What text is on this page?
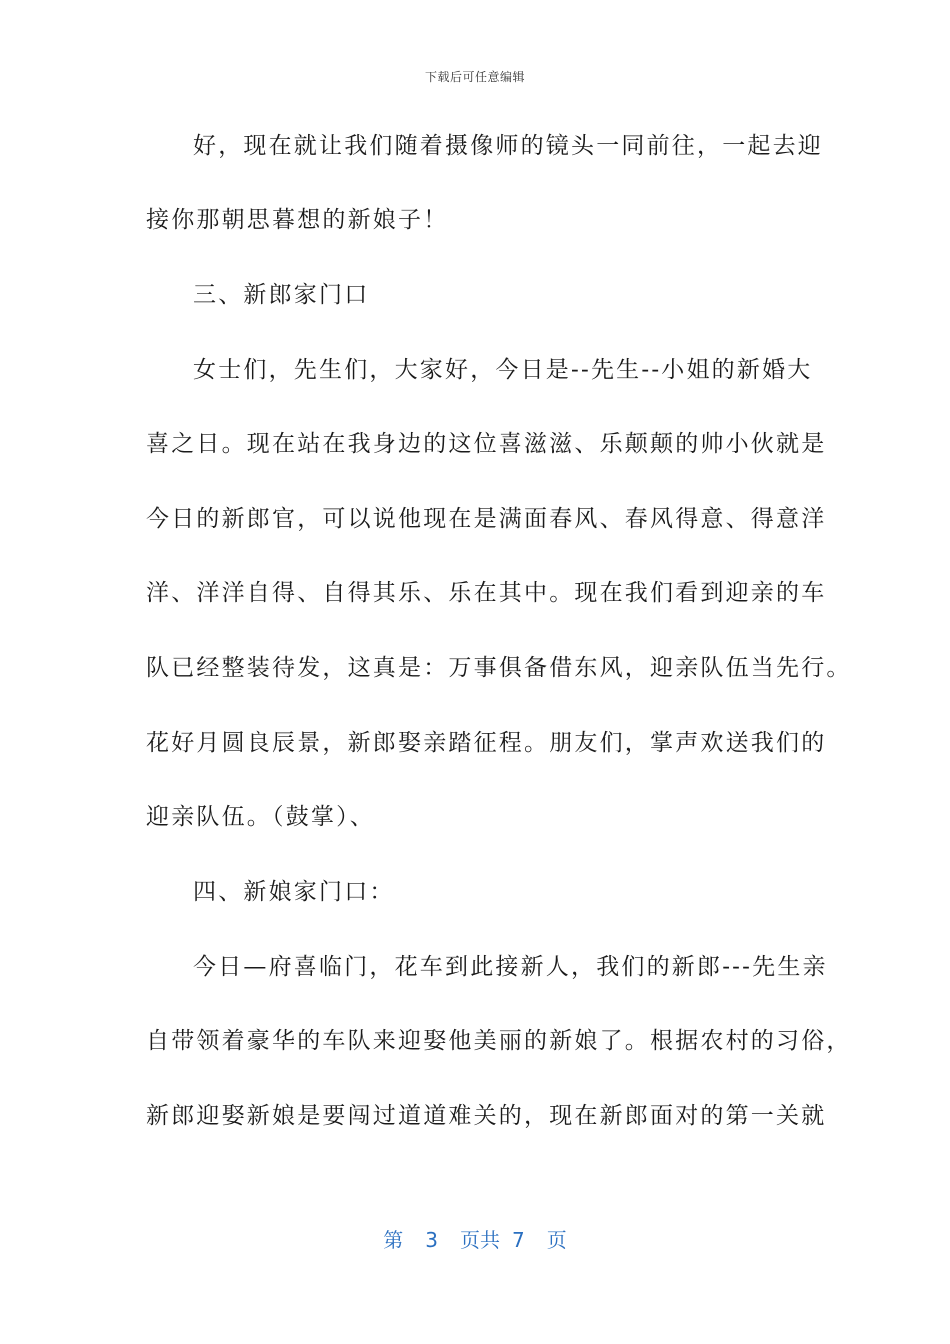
下载后可任意编辑
好，现在就让我们随着摄像师的镜头一同前往，一起去迎
接你那朝思暮想的新娘子！
三、新郎家门口
女士们，先生们，大家好，今日是--先生--小姐的新婚大
喜之日。现在站在我身边的这位喜滋滋、乐颠颠的帅小伙就是
今日的新郎官，可以说他现在是满面春风、春风得意、得意洋
洋、洋洋自得、自得其乐、乐在其中。现在我们看到迎亲的车
队已经整装待发，这真是：万事俱备借东风，迎亲队伍当先行。
花好月圆良辰景，新郎娶亲踏征程。朋友们，掌声欢送我们的
迎亲队伍。（鼓掌）、
四、新娘家门口：
今日—府喜临门，花车到此接新人，我们的新郎---先生亲
自带领着豪华的车队来迎娶他美丽的新娘了。根据农村的习俗，
新郎迎娶新娘是要闯过道道难关的，现在新郎面对的第一关就
第 3 页共 7 页
